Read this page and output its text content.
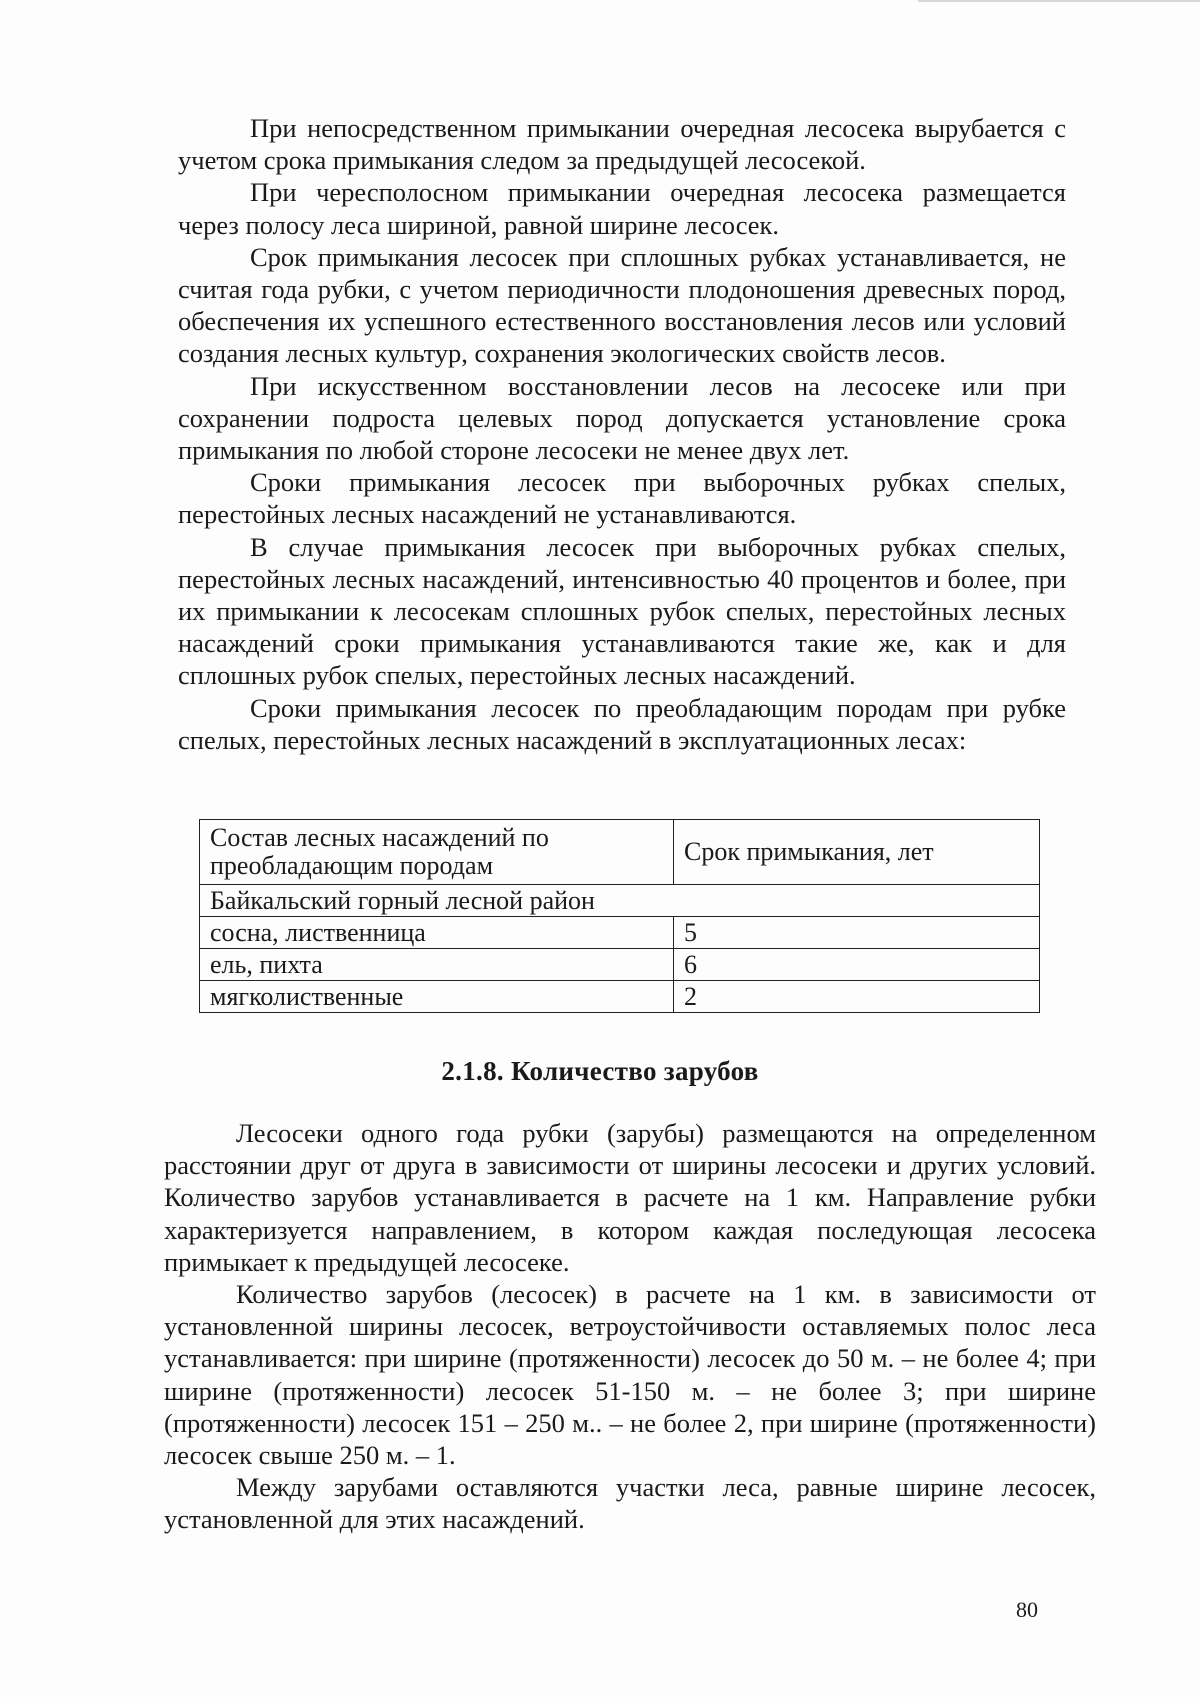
При непосредственном примыкании очередная лесосека вырубается с учетом срока примыкания следом за предыдущей лесосекой.

При чересполосном примыкании очередная лесосека размещается через полосу леса шириной, равной ширине лесосек.

Срок примыкания лесосек при сплошных рубках устанавливается, не считая года рубки, с учетом периодичности плодоношения древесных пород, обеспечения их успешного естественного восстановления лесов или условий создания лесных культур, сохранения экологических свойств лесов.

При искусственном восстановлении лесов на лесосеке или при сохранении подроста целевых пород допускается установление срока примыкания по любой стороне лесосеки не менее двух лет.

Сроки примыкания лесосек при выборочных рубках спелых, перестойных лесных насаждений не устанавливаются.

В случае примыкания лесосек при выборочных рубках спелых, перестойных лесных насаждений, интенсивностью 40 процентов и более, при их примыкании к лесосекам сплошных рубок спелых, перестойных лесных насаждений сроки примыкания устанавливаются такие же, как и для сплошных рубок спелых, перестойных лесных насаждений.

Сроки примыкания лесосек по преобладающим породам при рубке спелых, перестойных лесных насаждений в эксплуатационных лесах:

Состав лесных насаждений по преобладающим породам	Срок примыкания, лет
Байкальский горный лесной район	
сосна, лиственница	5
ель, пихта	6
мягколиственные	2
2.1.8. Количество зарубов

Лесосеки одного года рубки (зарубы) размещаются на определенном расстоянии друг от друга в зависимости от ширины лесосеки и других условий. Количество зарубов устанавливается в расчете на 1 км. Направление рубки характеризуется направлением, в котором каждая последующая лесосека примыкает к предыдущей лесосеке.

Количество зарубов (лесосек) в расчете на 1 км. в зависимости от установленной ширины лесосек, ветроустойчивости оставляемых полос леса устанавливается: при ширине (протяженности) лесосек до 50 м. – не более 4; при ширине (протяженности) лесосек 51-150 м. – не более 3; при ширине (протяженности) лесосек 151 – 250 м.. – не более 2, при ширине (протяженности) лесосек свыше 250 м. – 1.

Между зарубами оставляются участки леса, равные ширине лесосек, установленной для этих насаждений.

80
